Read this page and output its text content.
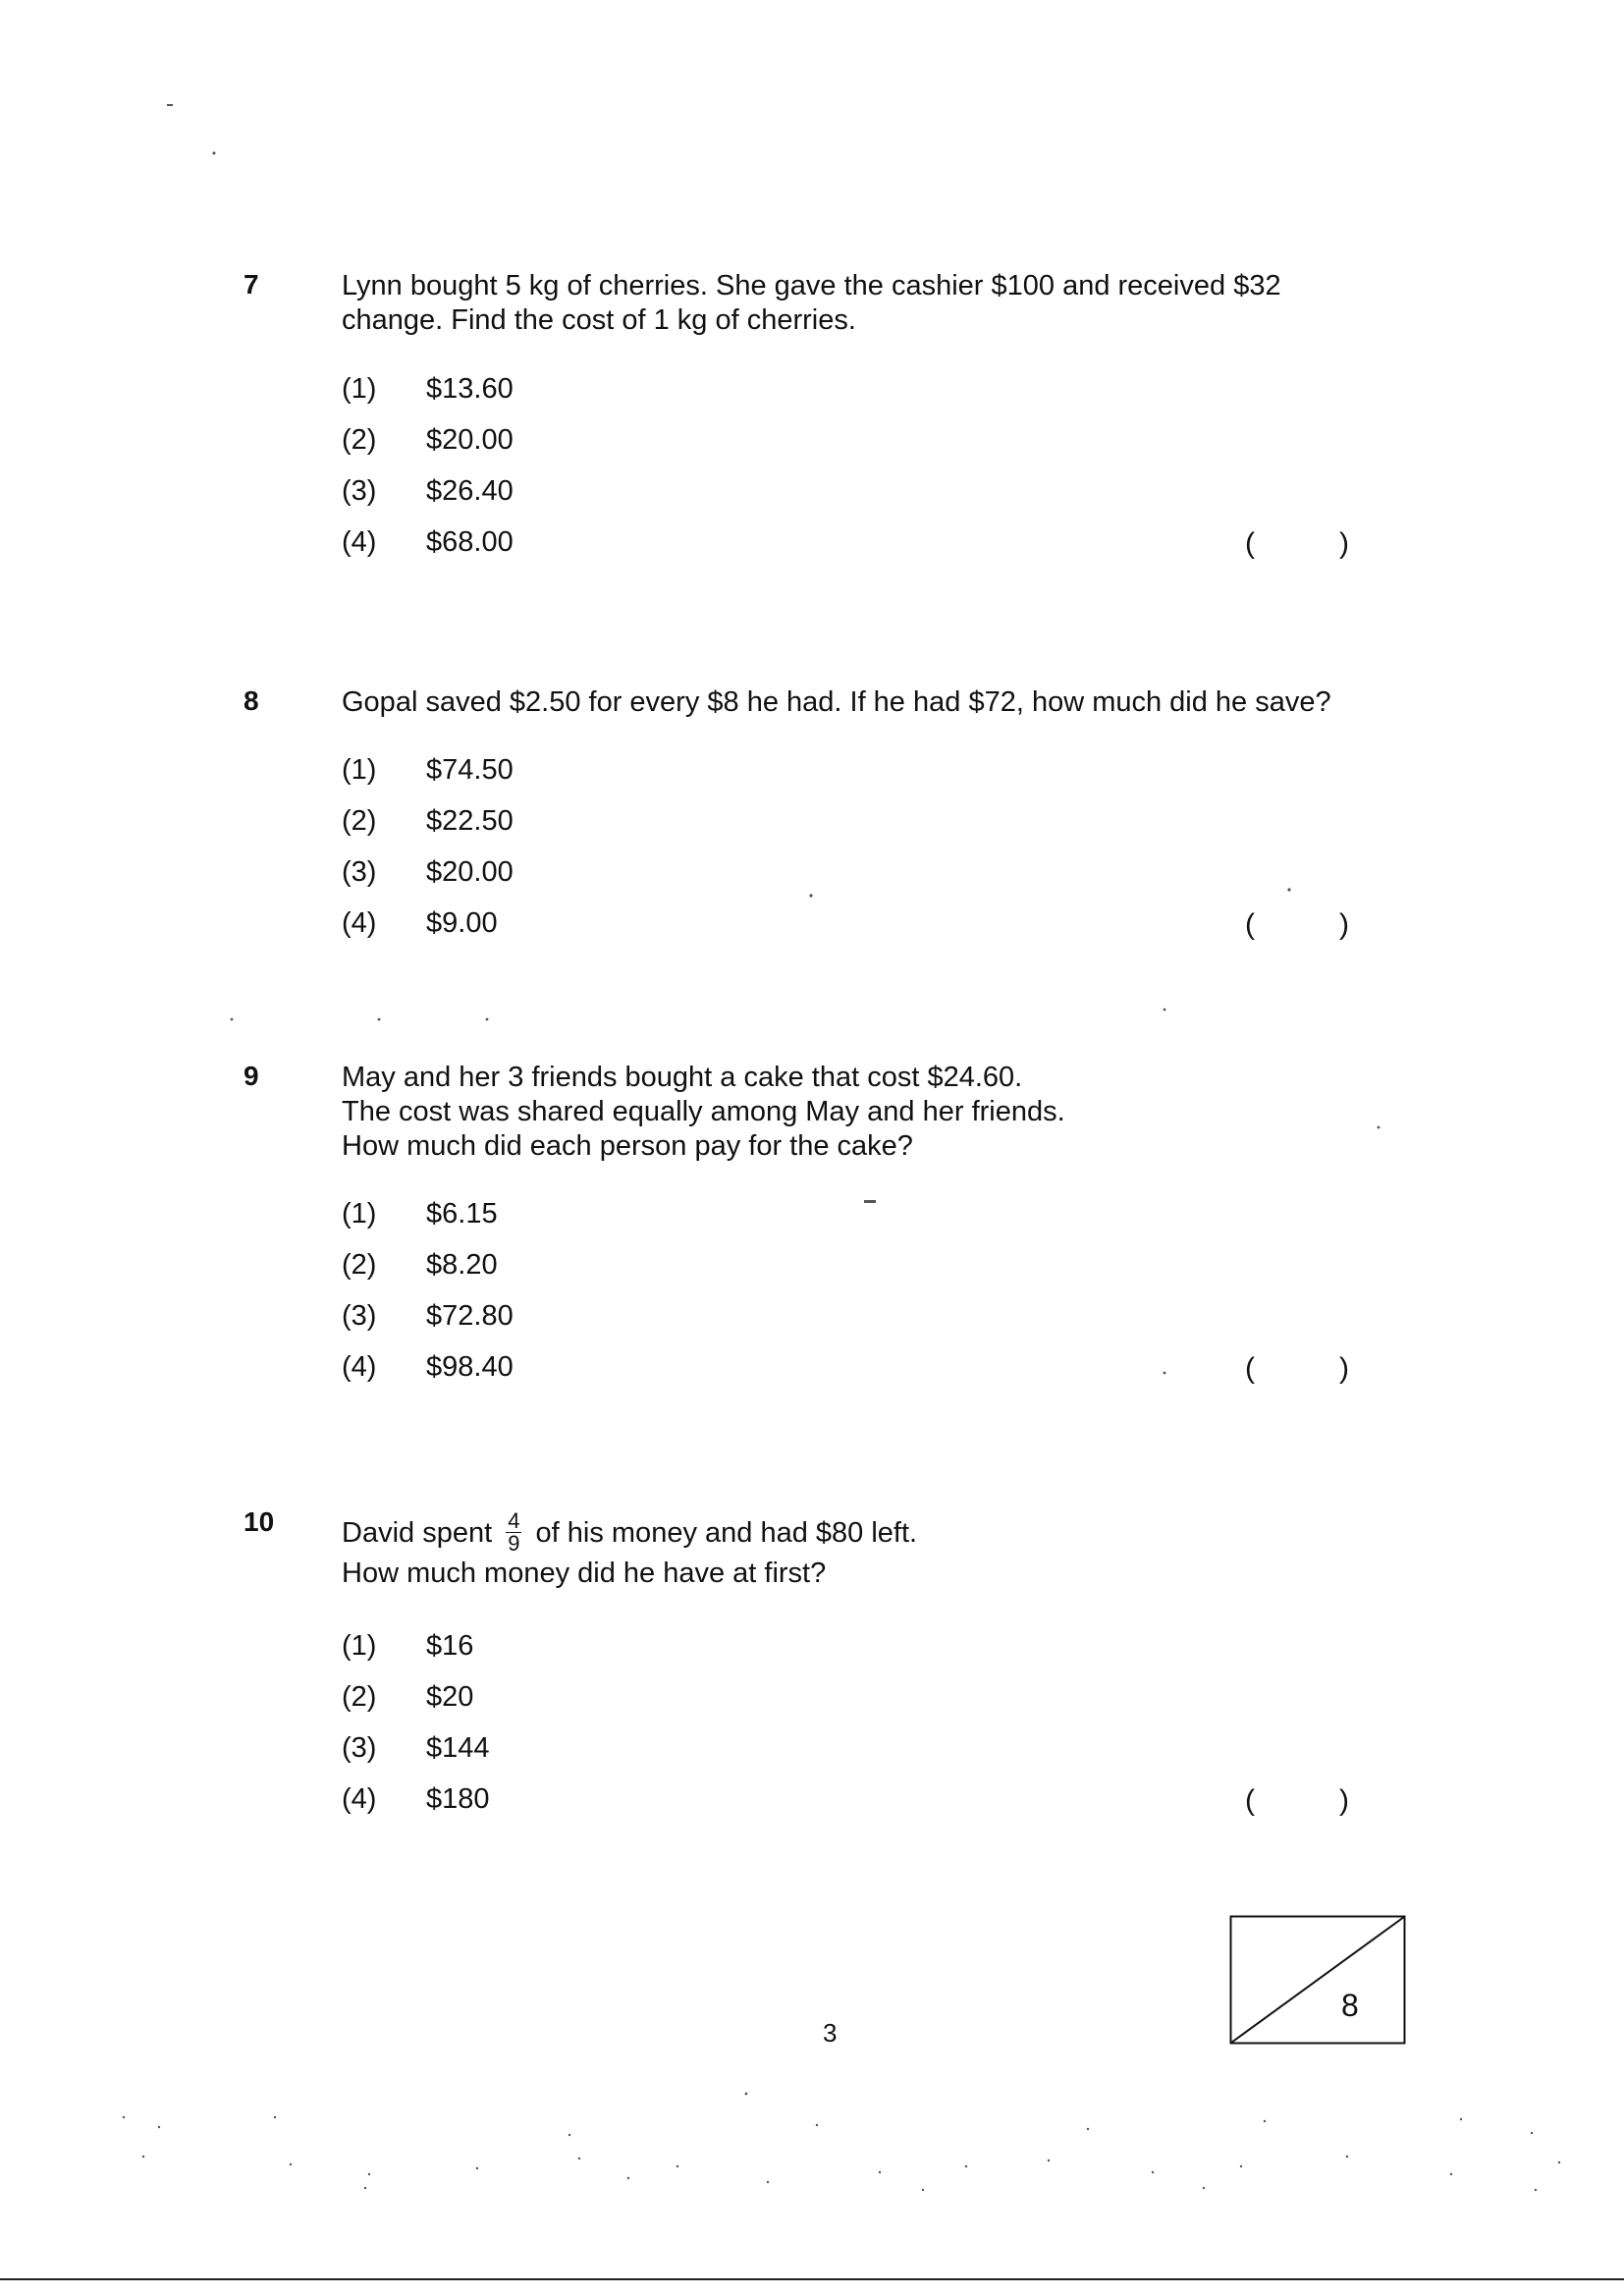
7	Lynn bought 5 kg of cherries. She gave the cashier $100 and received $32
change. Find the cost of 1 kg of cherries.
(1) $13.60
(2) $20.00
(3) $26.40
(4) $68.00	(	)
8	Gopal saved $2.50 for every $8 he had. If he had $72, how much did he save?
(1) $74.50
(2) $22.50
(3) $20.00
(4) $9.00	(	)
9	May and her 3 friends bought a cake that cost $24.60.
The cost was shared equally among May and her friends.
How much did each person pay for the cake?
(1) $6.15
(2) $8.20
(3) $72.80
(4) $98.40	(	)
10 David spent $\frac{4}{9}$ of his money and had $80 left.
How much money did he have at first?
(1) $16
(2) $20
(3) $144
(4) $180	(	)
3
8
